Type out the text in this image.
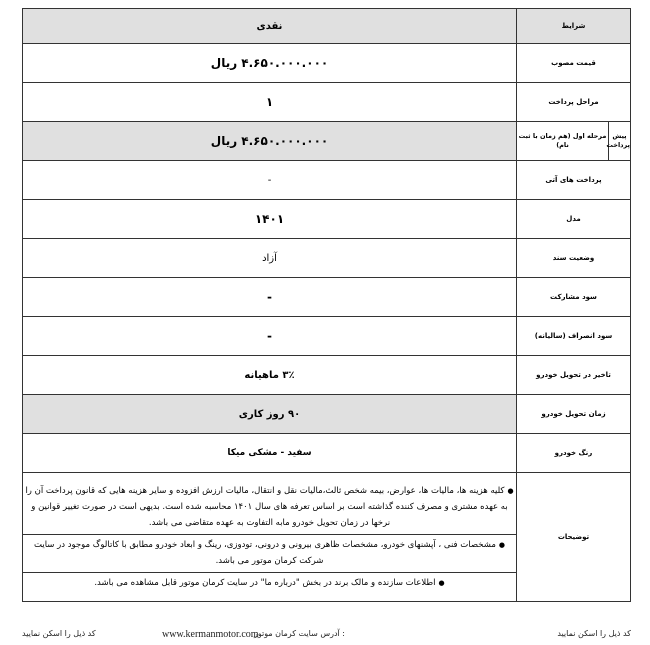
شرایط		نقدی
قیمت مصوب		۴.۶۵۰.۰۰۰.۰۰۰ ریال
مراحل پرداخت		۱
پیش پرداخت	مرحله اول (هم زمان با ثبت نام)	۴.۶۵۰.۰۰۰.۰۰۰ ریال
پرداخت های آتی		-
مدل		۱۴۰۱
وضعیت سند		آزاد
سود مشارکت		-
سود انصراف (سالیانه)		-
تاخیر در تحویل خودرو		۳٪ ماهیانه
زمان تحویل خودرو		۹۰ روز کاری
رنگ خودرو		سفید - مشکی میکا
توضیحات		●کلیه هزینه ها، مالیات ها، عوارض، بیمه شخص ثالث،مالیات نقل و انتقال، مالیات ارزش افزوده و سایر هزینه هایی که قانون پرداخت آن را به عهده مشتری و مصرف کننده گذاشته است بر اساس تعرفه های سال ۱۴۰۱ محاسبه شده است. بدیهی است در صورت تغییر قوانین و نرخها در زمان تحویل خودرو مابه التفاوت به عهده متقاضی می باشد.
●مشخصات فنی ، آپشنهای خودرو، مشخصات ظاهری بیرونی و درونی، تودوزی، رینگ و ابعاد خودرو مطابق با کاتالوگ موجود در سایت شرکت کرمان موتور می باشد.
●اطلاعات سازنده و مالک برند در بخش "درباره ما" در سایت کرمان موتور قابل مشاهده می باشد.
کد ذیل را اسکن نمایید	www.kermanmotor.com
آدرس سایت کرمان موتور :	کد ذیل را اسکن نمایید
